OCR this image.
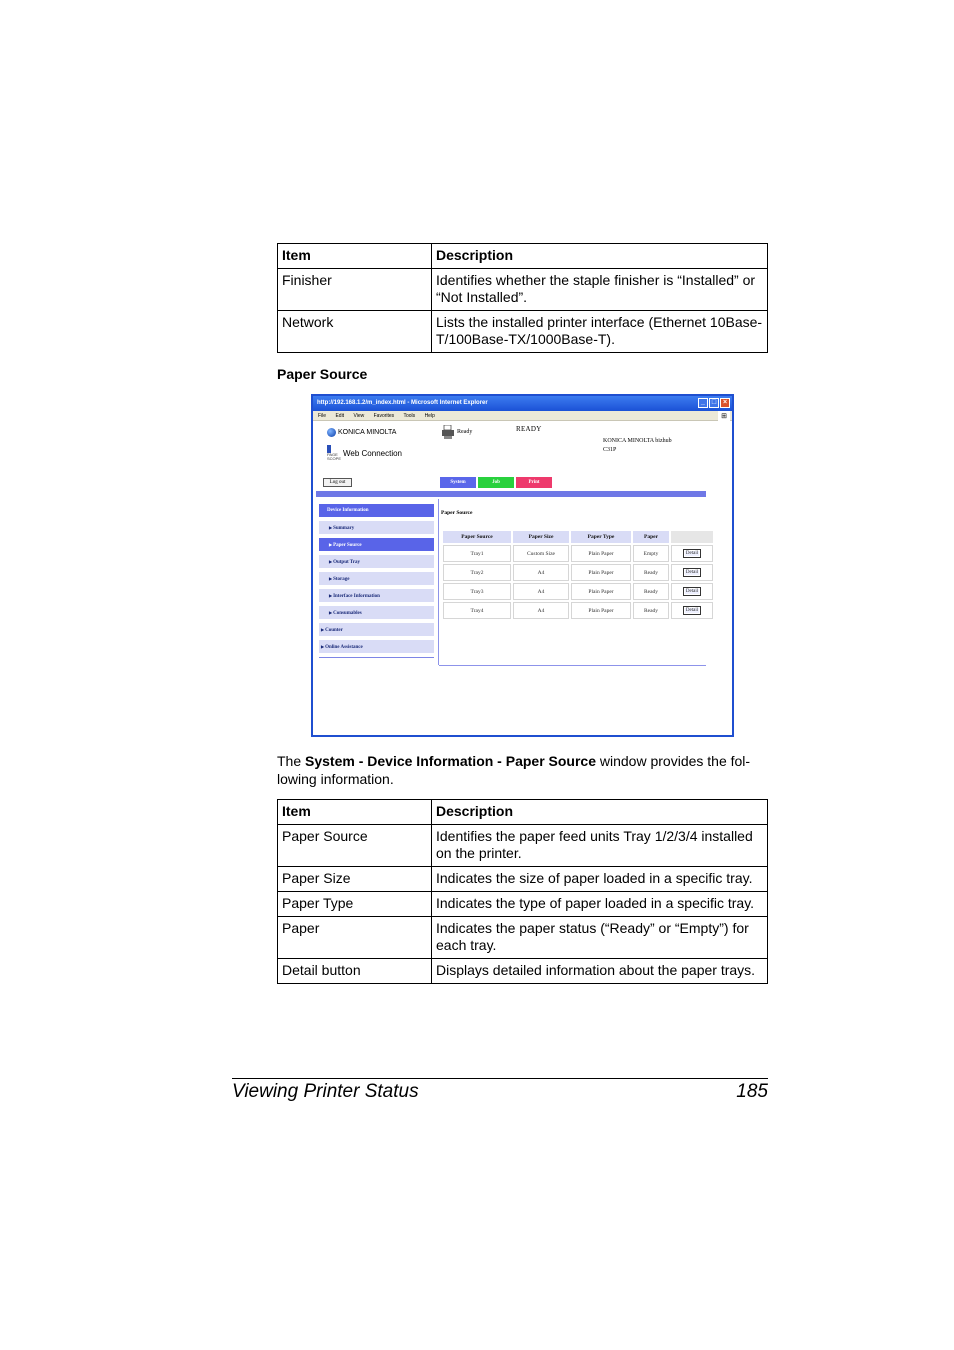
Item	Description
Finisher	Identifies whether the staple finisher is “Installed” or “Not Installed”.
Network	Lists the installed printer interface (Ethernet 10Base-T/100Base-TX/1000Base-T).
Paper Source
http://192.168.1.2/m_index.html - Microsoft Internet Explorer	_ □ ×
File Edit View Favorites Tools Help	⊞
KONICA MINOLTA
PAGE SCOPE
Web Connection
Ready	READY
KONICA MINOLTA bizhub
C31P
Log out	System	Job	Print
Device Information
▶Summary
▶Paper Source
▶Output Tray
▶Storage
▶Interface Information
▶Consumables
▶Counter
▶Online Assistance
Paper Source
Paper Source	Paper Size	Paper Type	Paper	
Tray1	Custom Size	Plain Paper	Empty	Detail
Tray2	A4	Plain Paper	Ready	Detail
Tray3	A4	Plain Paper	Ready	Detail
Tray4	A4	Plain Paper	Ready	Detail
The System - Device Information - Paper Source window provides the fol-lowing information.
Item	Description
Paper Source	Identifies the paper feed units Tray 1/2/3/4 installed on the printer.
Paper Size	Indicates the size of paper loaded in a specific tray.
Paper Type	Indicates the type of paper loaded in a specific tray.
Paper	Indicates the paper status (“Ready” or “Empty”) for each tray.
Detail button	Displays detailed information about the paper trays.
Viewing Printer Status	185
